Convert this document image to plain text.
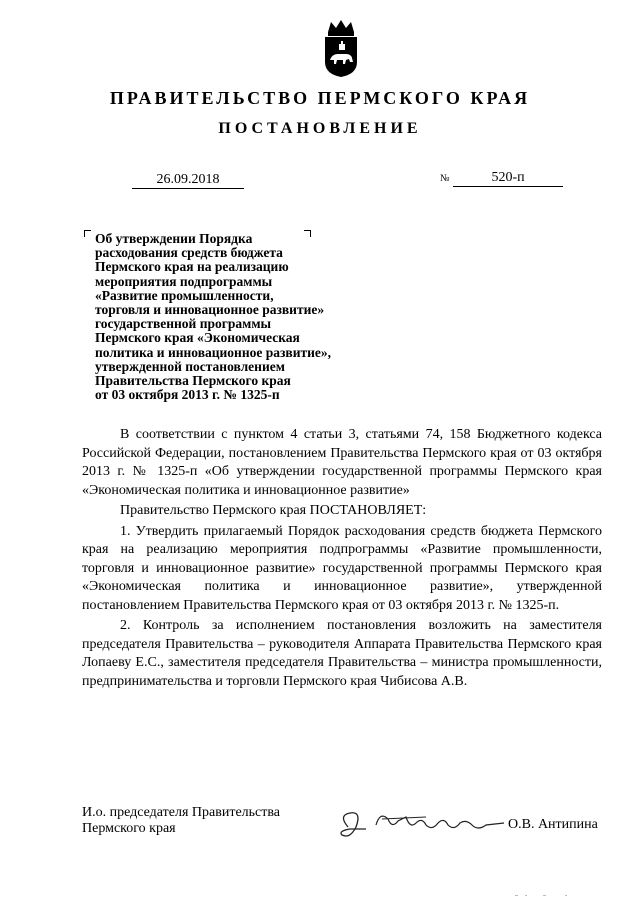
ПРАВИТЕЛЬСТВО ПЕРМСКОГО КРАЯ
ПОСТАНОВЛЕНИЕ
26.09.2018	№	520-п
Об утверждении Порядка
расходования средств бюджета
Пермского края на реализацию
мероприятия подпрограммы
«Развитие промышленности,
торговля и инновационное развитие»
государственной программы
Пермского края «Экономическая
политика и инновационное развитие»,
утвержденной постановлением
Правительства Пермского края
от 03 октября 2013 г. № 1325-п

В соответствии с пунктом 4 статьи 3, статьями 74, 158 Бюджетного кодекса Российской Федерации, постановлением Правительства Пермского края от 03 октября 2013 г. № 1325-п «Об утверждении государственной программы Пермского края «Экономическая политика и инновационное развитие»

Правительство Пермского края ПОСТАНОВЛЯЕТ:

1. Утвердить прилагаемый Порядок расходования средств бюджета Пермского края на реализацию мероприятия подпрограммы «Развитие промышленности, торговля и инновационное развитие» государственной программы Пермского края «Экономическая политика и инновационное развитие», утвержденной постановлением Правительства Пермского края от 03 октября 2013 г. № 1325-п.

2. Контроль за исполнением постановления возложить на заместителя председателя Правительства – руководителя Аппарата Правительства Пермского края Лопаеву Е.С., заместителя председателя Правительства – министра промышленности, предпринимательства и торговли Пермского края Чибисова А.В.

И.о. председателя Правительства
Пермского края	О.В. Антипина
